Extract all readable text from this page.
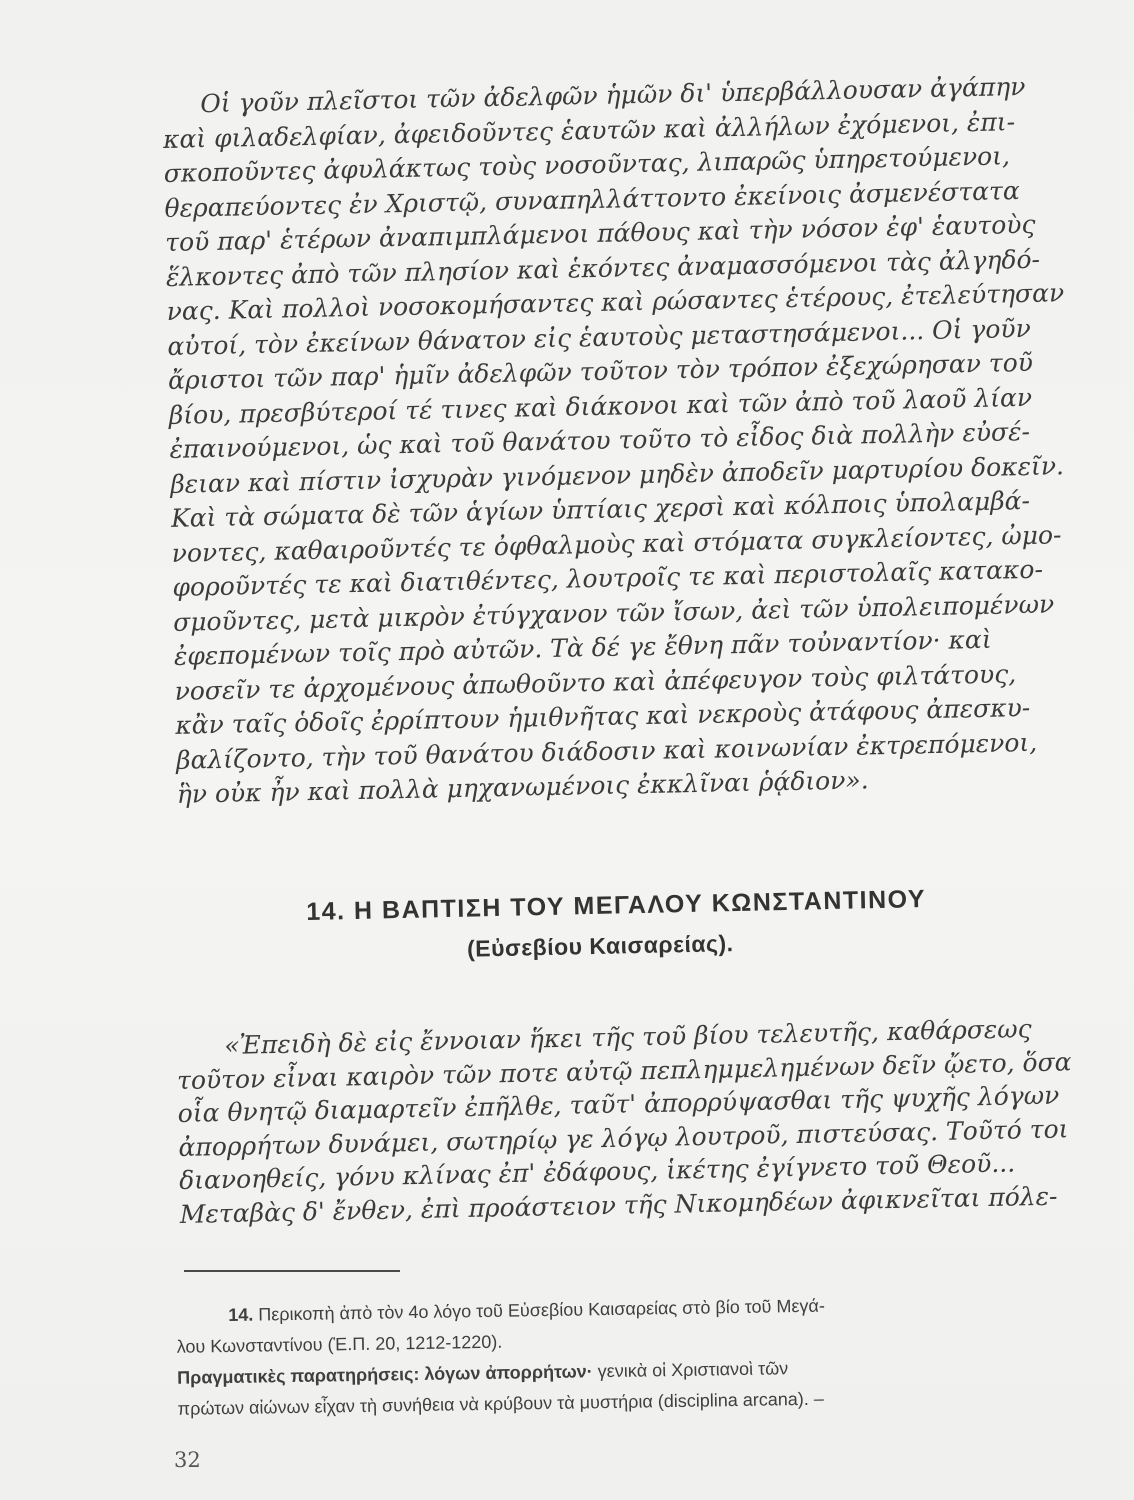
Οἱ γοῦν πλεῖστοι τῶν ἀδελφῶν ἡμῶν δι' ὑπερβάλλουσαν ἀγάπην
καὶ φιλαδελφίαν, ἀφειδοῦντες ἑαυτῶν καὶ ἀλλήλων ἐχόμενοι, ἐπι-
σκοποῦντες ἀφυλάκτως τοὺς νοσοῦντας, λιπαρῶς ὑπηρετούμενοι,
θεραπεύοντες ἐν Χριστῷ, συναπηλλάττοντο ἐκείνοις ἀσμενέστατα
τοῦ παρ' ἑτέρων ἀναπιμπλάμενοι πάθους καὶ τὴν νόσον ἐφ' ἑαυτοὺς
ἕλκοντες ἀπὸ τῶν πλησίον καὶ ἑκόντες ἀναμασσόμενοι τὰς ἀλγηδό-
νας. Καὶ πολλοὶ νοσοκομήσαντες καὶ ρώσαντες ἑτέρους, ἐτελεύτησαν
αὐτοί, τὸν ἐκείνων θάνατον εἰς ἑαυτοὺς μεταστησάμενοι... Οἱ γοῦν
ἄριστοι τῶν παρ' ἡμῖν ἀδελφῶν τοῦτον τὸν τρόπον ἐξεχώρησαν τοῦ
βίου, πρεσβύτεροί τέ τινες καὶ διάκονοι καὶ τῶν ἀπὸ τοῦ λαοῦ λίαν
ἐπαινούμενοι, ὡς καὶ τοῦ θανάτου τοῦτο τὸ εἶδος διὰ πολλὴν εὐσέ-
βειαν καὶ πίστιν ἰσχυρὰν γινόμενον μηδὲν ἀποδεῖν μαρτυρίου δοκεῖν.
Καὶ τὰ σώματα δὲ τῶν ἁγίων ὑπτίαις χερσὶ καὶ κόλποις ὑπολαμβά-
νοντες, καθαιροῦντές τε ὀφθαλμοὺς καὶ στόματα συγκλείοντες, ὠμο-
φοροῦντές τε καὶ διατιθέντες, λουτροῖς τε καὶ περιστολαῖς κατακο-
σμοῦντες, μετὰ μικρὸν ἐτύγχανον τῶν ἴσων, ἀεὶ τῶν ὑπολειπομένων
ἐφεπομένων τοῖς πρὸ αὐτῶν. Τὰ δέ γε ἔθνη πᾶν τοὐναντίον· καὶ
νοσεῖν τε ἀρχομένους ἀπωθοῦντο καὶ ἀπέφευγον τοὺς φιλτάτους,
κἂν ταῖς ὁδοῖς ἐρρίπτουν ἡμιθνῆτας καὶ νεκροὺς ἀτάφους ἀπεσκυ-
βαλίζοντο, τὴν τοῦ θανάτου διάδοσιν καὶ κοινωνίαν ἐκτρεπόμενοι,
ἣν οὐκ ἦν καὶ πολλὰ μηχανωμένοις ἐκκλῖναι ῥᾴδιον».
14. Η ΒΑΠΤΙΣΗ ΤΟΥ ΜΕΓΑΛΟΥ ΚΩΝΣΤΑΝΤΙΝΟΥ
(Εὐσεβίου Καισαρείας).
«Ἐπειδὴ δὲ εἰς ἔννοιαν ἥκει τῆς τοῦ βίου τελευτῆς, καθάρσεως
τοῦτον εἶναι καιρὸν τῶν ποτε αὐτῷ πεπλημμελημένων δεῖν ᾤετο, ὅσα
οἷα θνητῷ διαμαρτεῖν ἐπῆλθε, ταῦτ' ἀπορρύψασθαι τῆς ψυχῆς λόγων
ἀπορρήτων δυνάμει, σωτηρίῳ γε λόγῳ λουτροῦ, πιστεύσας. Τοῦτό τοι
διανοηθείς, γόνυ κλίνας ἐπ' ἐδάφους, ἱκέτης ἐγίγνετο τοῦ Θεοῦ...
Μεταβὰς δ' ἔνθεν, ἐπὶ προάστειον τῆς Νικομηδέων ἀφικνεῖται πόλε-
14. Περικοπὴ ἀπὸ τὸν 4ο λόγο τοῦ Εὐσεβίου Καισαρείας στὸ βίο τοῦ Μεγά-
λου Κωνσταντίνου (Ἑ.Π. 20, 1212-1220).
Πραγματικὲς παρατηρήσεις: λόγων ἀπορρήτων· γενικὰ οἱ Χριστιανοὶ τῶν
πρώτων αἰώνων εἶχαν τὴ συνήθεια νὰ κρύβουν τὰ μυστήρια (disciplina arcana). –
32
